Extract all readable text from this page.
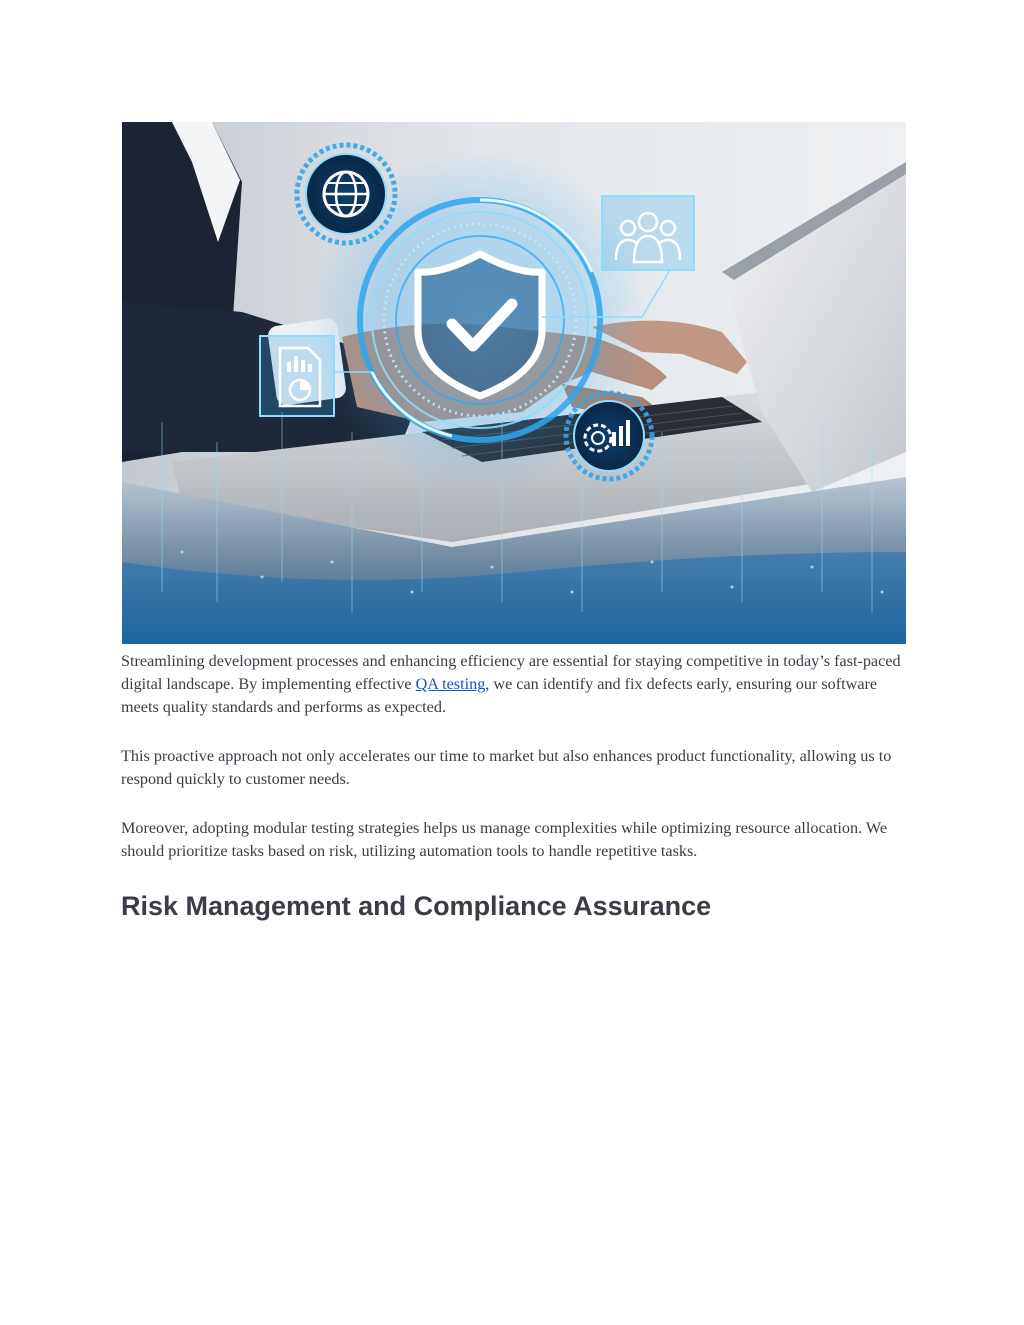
Streamlining development processes and enhancing efficiency are essential for staying competitive in today’s fast-paced digital landscape. By implementing effective QA testing, we can identify and fix defects early, ensuring our software meets quality standards and performs as expected.

This proactive approach not only accelerates our time to market but also enhances product functionality, allowing us to respond quickly to customer needs.

Moreover, adopting modular testing strategies helps us manage complexities while optimizing resource allocation. We should prioritize tasks based on risk, utilizing automation tools to handle repetitive tasks.

Risk Management and Compliance Assurance
